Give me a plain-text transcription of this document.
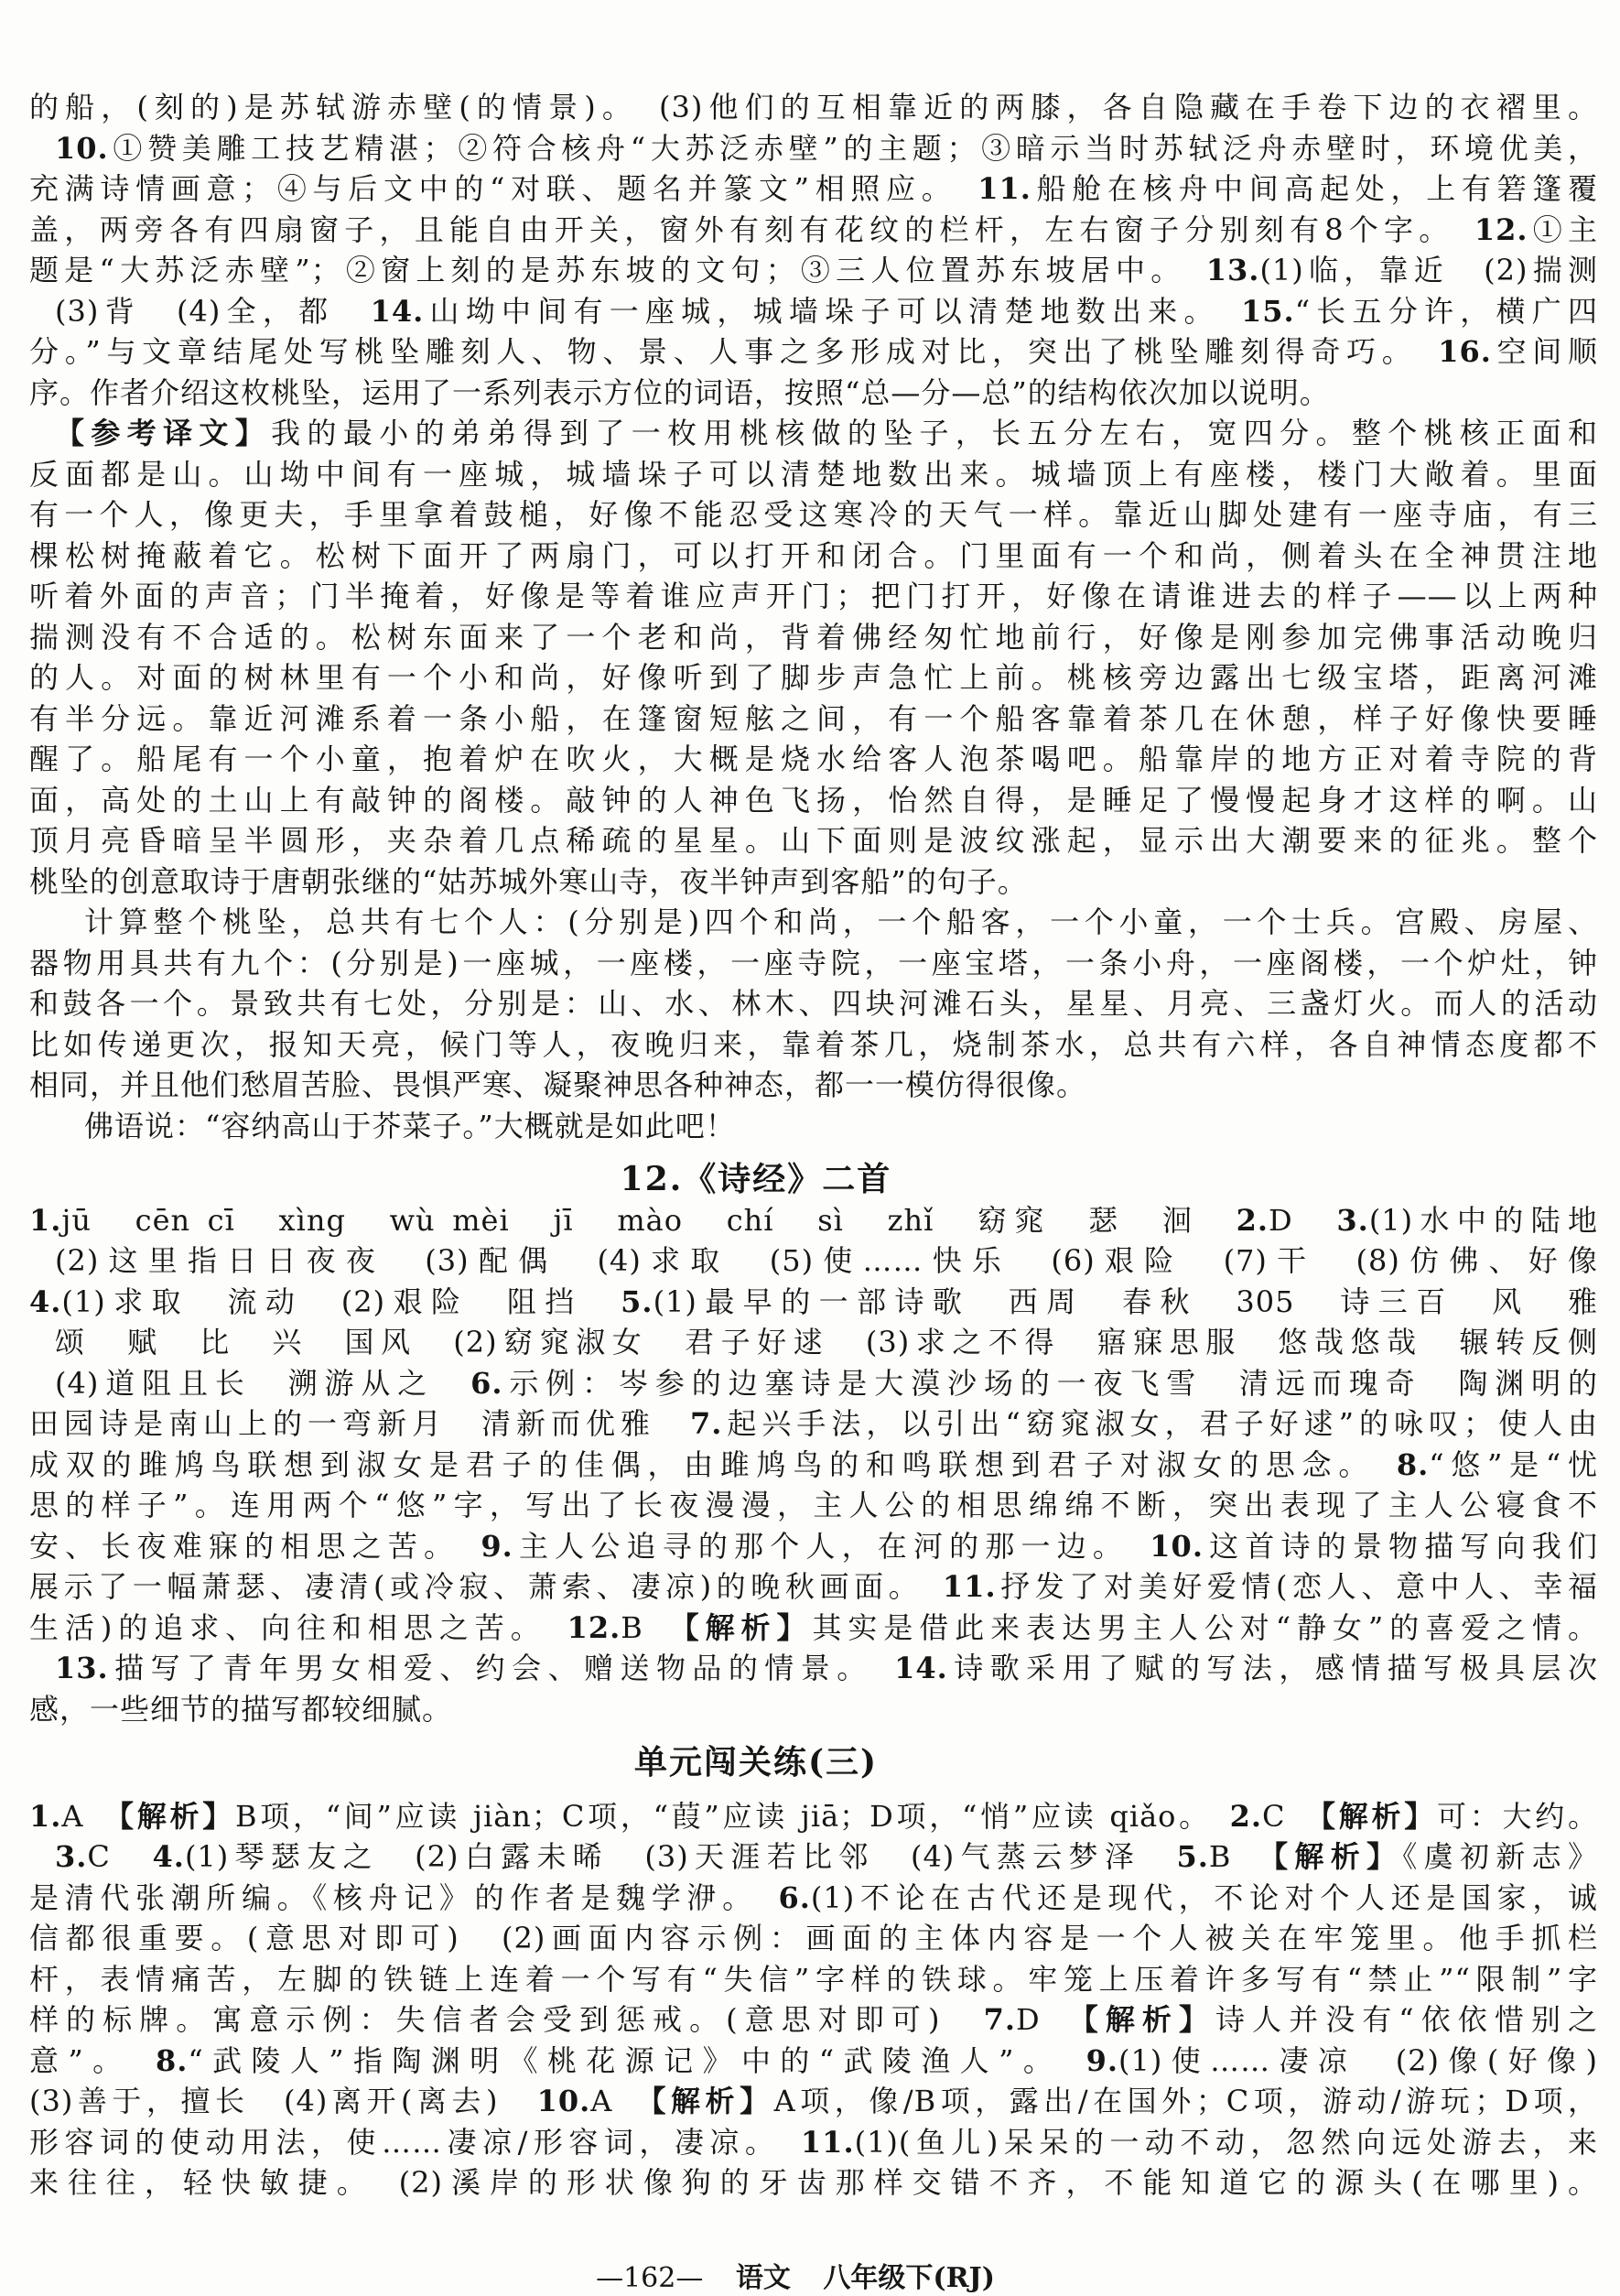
的船，(刻的)是苏轼游赤壁(的情景)。　(3)他们的互相靠近的两膝，各自隐藏在手卷下边的衣褶里。
10.①赞美雕工技艺精湛；②符合核舟“大苏泛赤壁”的主题；③暗示当时苏轼泛舟赤壁时，环境优美，
充满诗情画意；④与后文中的“对联、题名并篆文”相照应。　11.船舱在核舟中间高起处，上有箬篷覆
盖，两旁各有四扇窗子，且能自由开关，窗外有刻有花纹的栏杆，左右窗子分别刻有8个字。　12.①主
题是“大苏泛赤壁”；②窗上刻的是苏东坡的文句；③三人位置苏东坡居中。　13.(1)临，靠近　(2)揣测
(3)背　(4)全，都　14.山坳中间有一座城，城墙垛子可以清楚地数出来。　15.“长五分许，横广四
分。”与文章结尾处写桃坠雕刻人、物、景、人事之多形成对比，突出了桃坠雕刻得奇巧。　16.空间顺
序。作者介绍这枚桃坠，运用了一系列表示方位的词语，按照“总—分—总”的结构依次加以说明。
【参考译文】我的最小的弟弟得到了一枚用桃核做的坠子，长五分左右，宽四分。整个桃核正面和
反面都是山。山坳中间有一座城，城墙垛子可以清楚地数出来。城墙顶上有座楼，楼门大敞着。里面
有一个人，像更夫，手里拿着鼓槌，好像不能忍受这寒冷的天气一样。靠近山脚处建有一座寺庙，有三
棵松树掩蔽着它。松树下面开了两扇门，可以打开和闭合。门里面有一个和尚，侧着头在全神贯注地
听着外面的声音；门半掩着，好像是等着谁应声开门；把门打开，好像在请谁进去的样子——以上两种
揣测没有不合适的。松树东面来了一个老和尚，背着佛经匆忙地前行，好像是刚参加完佛事活动晚归
的人。对面的树林里有一个小和尚，好像听到了脚步声急忙上前。桃核旁边露出七级宝塔，距离河滩
有半分远。靠近河滩系着一条小船，在篷窗短舷之间，有一个船客靠着茶几在休憩，样子好像快要睡
醒了。船尾有一个小童，抱着炉在吹火，大概是烧水给客人泡茶喝吧。船靠岸的地方正对着寺院的背
面，高处的土山上有敲钟的阁楼。敲钟的人神色飞扬，怡然自得，是睡足了慢慢起身才这样的啊。山
顶月亮昏暗呈半圆形，夹杂着几点稀疏的星星。山下面则是波纹涨起，显示出大潮要来的征兆。整个
桃坠的创意取诗于唐朝张继的“姑苏城外寒山寺，夜半钟声到客船”的句子。
计算整个桃坠，总共有七个人：(分别是)四个和尚，一个船客，一个小童，一个士兵。宫殿、房屋、
器物用具共有九个：(分别是)一座城，一座楼，一座寺院，一座宝塔，一条小舟，一座阁楼，一个炉灶，钟
和鼓各一个。景致共有七处，分别是：山、水、林木、四块河滩石头，星星、月亮、三盏灯火。而人的活动
比如传递更次，报知天亮，候门等人，夜晚归来，靠着茶几，烧制茶水，总共有六样，各自神情态度都不
相同，并且他们愁眉苦脸、畏惧严寒、凝聚神思各种神态，都一一模仿得很像。
佛语说：“容纳高山于芥菜子。”大概就是如此吧！
12.《诗经》二首
1.jū　cēn cī　xìng　wù mèi　jī　mào　chí　sì　zhǐ　窈窕　瑟　洄　2.D　3.(1)水中的陆地
(2)这里指日日夜夜　(3)配偶　(4)求取　(5)使……快乐　(6)艰险　(7)干　(8)仿佛、好像
4.(1)求取　流动　(2)艰险　阻挡　5.(1)最早的一部诗歌　西周　春秋　305　诗三百　风　雅
颂　赋　比　兴　国风　(2)窈窕淑女　君子好逑　(3)求之不得　寤寐思服　悠哉悠哉　辗转反侧
(4)道阻且长　溯游从之　6.示例：岑参的边塞诗是大漠沙场的一夜飞雪　清远而瑰奇　陶渊明的
田园诗是南山上的一弯新月　清新而优雅　7.起兴手法，以引出“窈窕淑女，君子好逑”的咏叹；使人由
成双的雎鸠鸟联想到淑女是君子的佳偶，由雎鸠鸟的和鸣联想到君子对淑女的思念。　8.“悠”是“忧
思的样子”。连用两个“悠”字，写出了长夜漫漫，主人公的相思绵绵不断，突出表现了主人公寝食不
安、长夜难寐的相思之苦。　9.主人公追寻的那个人，在河的那一边。　10.这首诗的景物描写向我们
展示了一幅萧瑟、凄清(或冷寂、萧索、凄凉)的晚秋画面。　11.抒发了对美好爱情(恋人、意中人、幸福
生活)的追求、向往和相思之苦。　12.B　【解析】其实是借此来表达男主人公对“静女”的喜爱之情。
13.描写了青年男女相爱、约会、赠送物品的情景。　14.诗歌采用了赋的写法，感情描写极具层次
感，一些细节的描写都较细腻。
单元闯关练(三)
1.A　【解析】B项，“间”应读 jiàn；C项，“葭”应读 jiā；D项，“悄”应读 qiǎo。　2.C　【解析】可：大约。
3.C　4.(1)琴瑟友之　(2)白露未晞　(3)天涯若比邻　(4)气蒸云梦泽　5.B　【解析】《虞初新志》
是清代张潮所编。《核舟记》的作者是魏学洢。　6.(1)不论在古代还是现代，不论对个人还是国家，诚
信都很重要。(意思对即可)　(2)画面内容示例：画面的主体内容是一个人被关在牢笼里。他手抓栏
杆，表情痛苦，左脚的铁链上连着一个写有“失信”字样的铁球。牢笼上压着许多写有“禁止”“限制”字
样的标牌。寓意示例：失信者会受到惩戒。(意思对即可)　7.D　【解析】诗人并没有“依依惜别之
意”。　8.“武陵人”指陶渊明《桃花源记》中的“武陵渔人”。　9.(1)使……凄凉　(2)像(好像)
(3)善于，擅长　(4)离开(离去)　10.A　【解析】A项，像/B项，露出/在国外；C项，游动/游玩；D项，
形容词的使动用法，使……凄凉/形容词，凄凉。　11.(1)(鱼儿)呆呆的一动不动，忽然向远处游去，来
来往往，轻快敏捷。　(2)溪岸的形状像狗的牙齿那样交错不齐，不能知道它的源头(在哪里)。
—162— 语文 八年级下(RJ)
